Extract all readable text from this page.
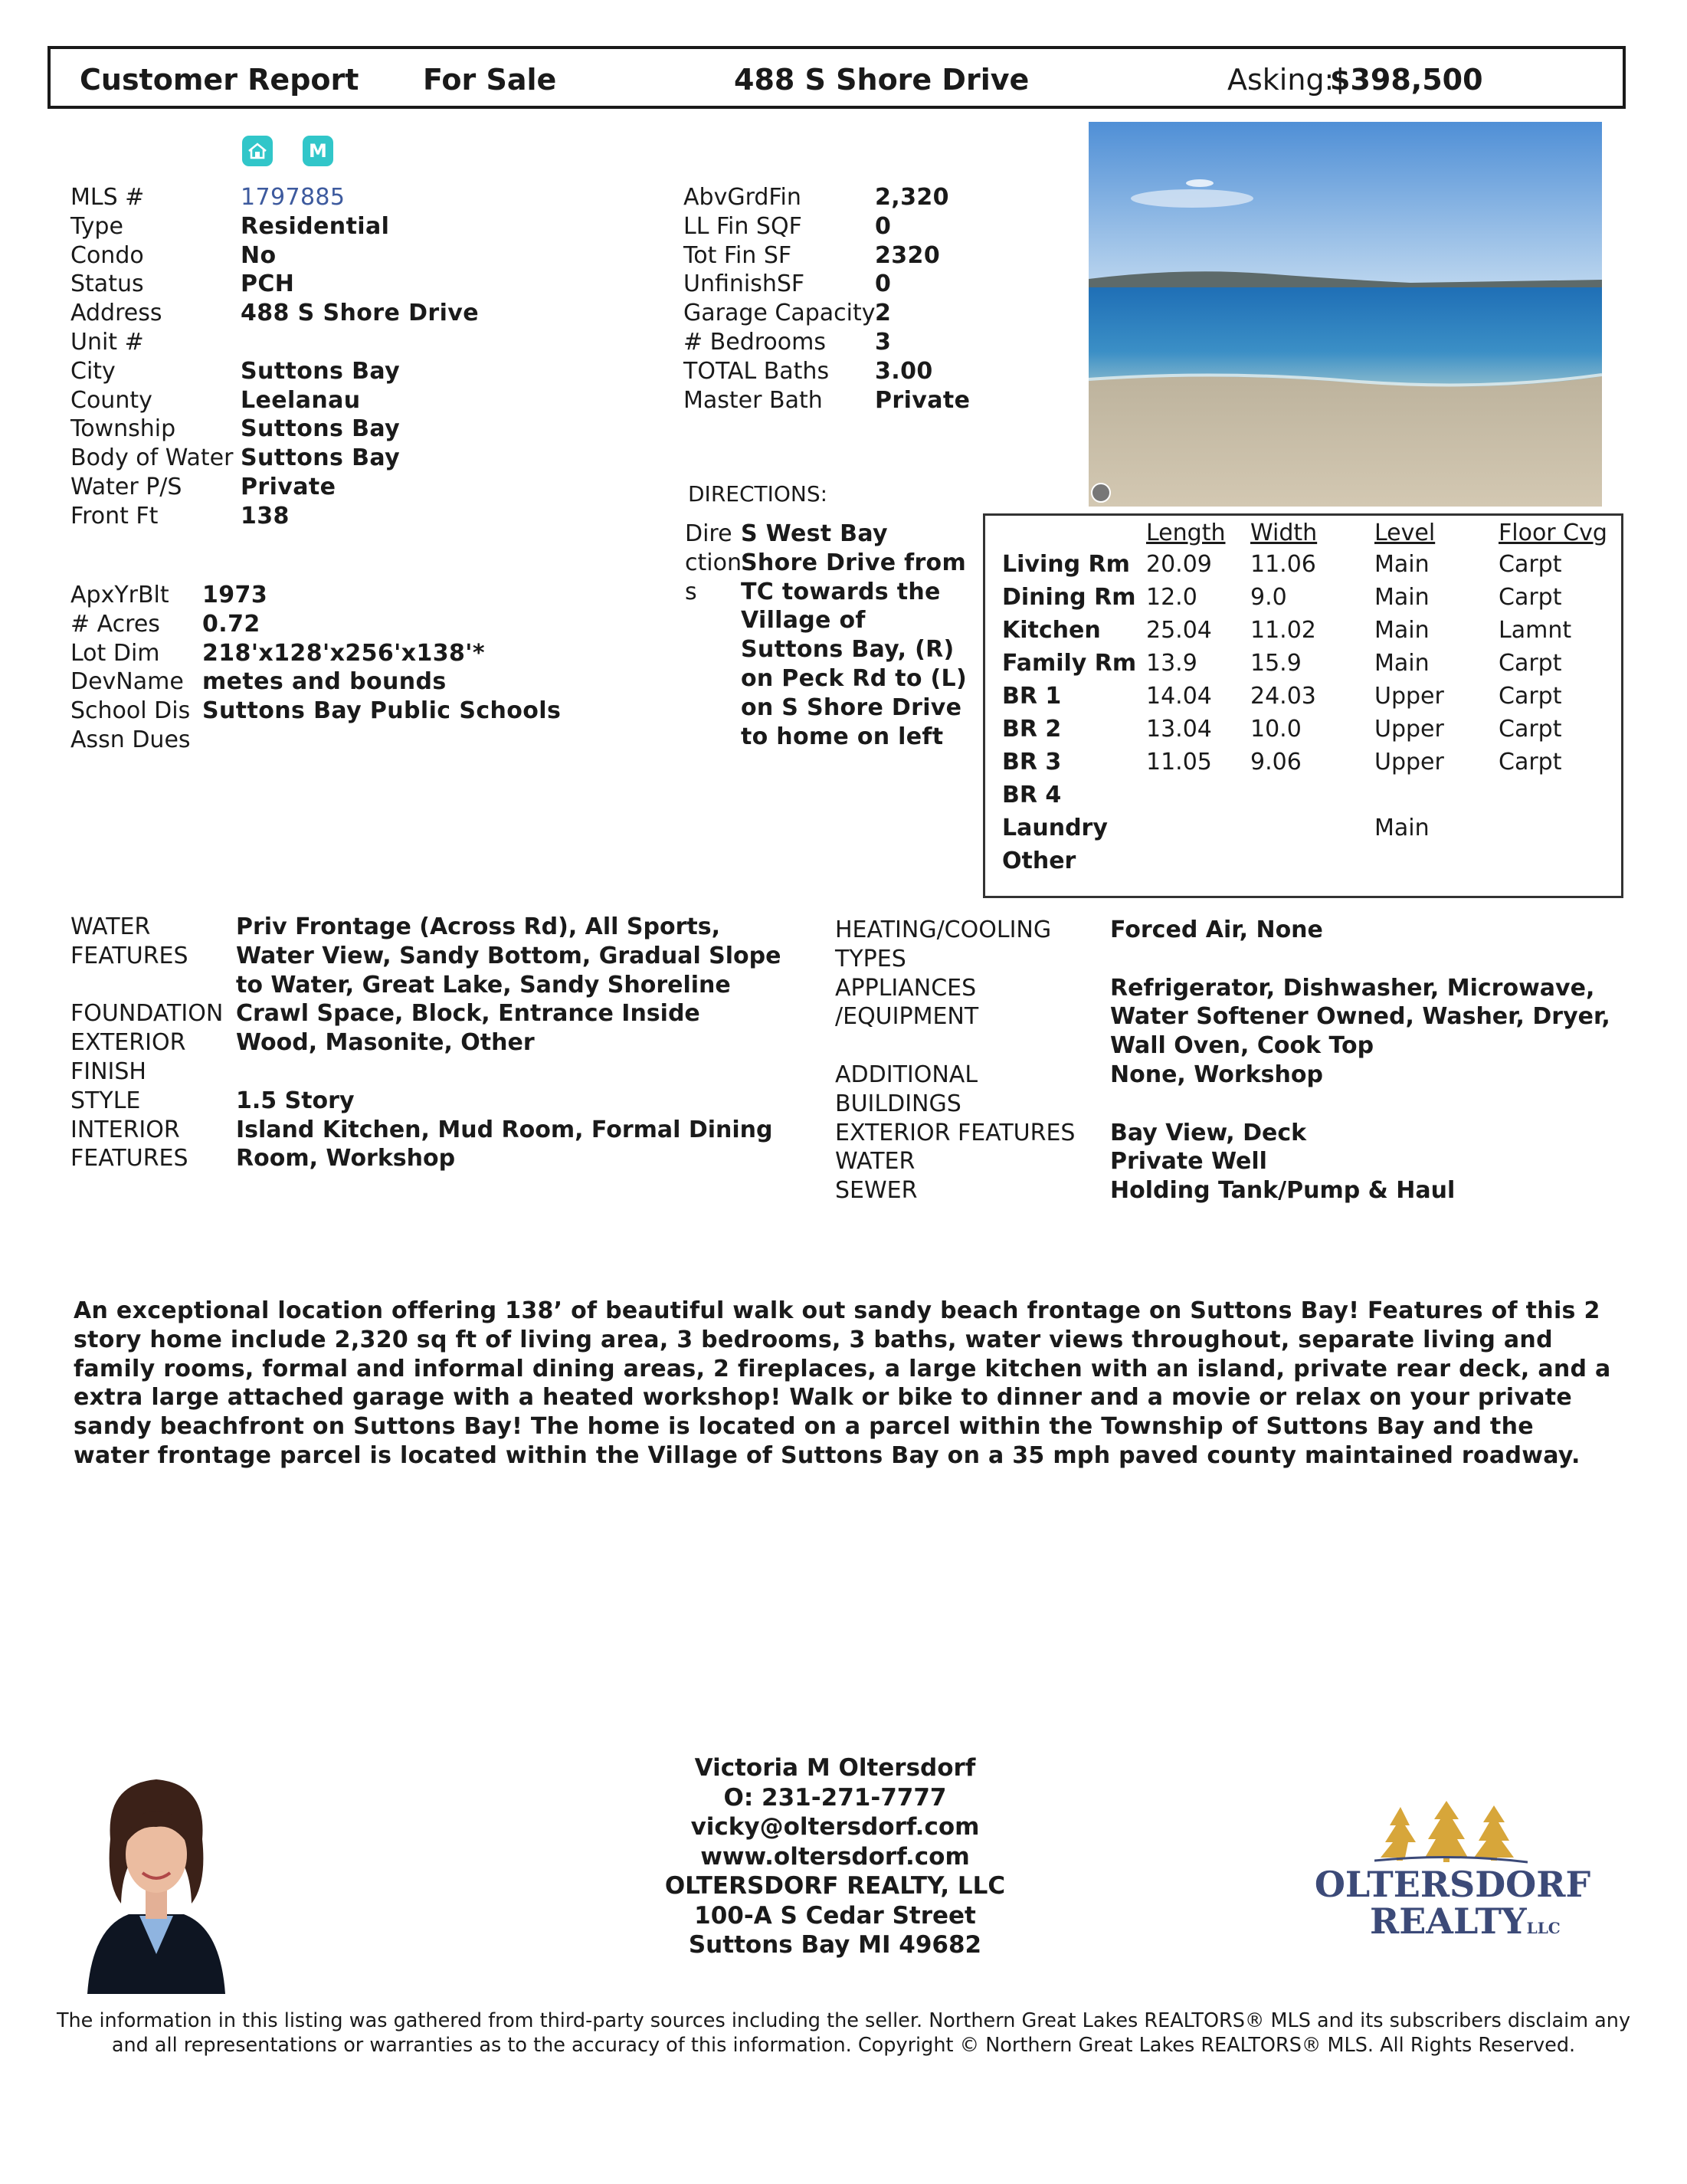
Customer Report For Sale	488 S Shore Drive	Asking:
$398,500
M
MLS #	1797885
Type	Residential
Condo	No
Status	PCH
Address	488 S Shore Drive
Unit #
City	Suttons Bay
County	Leelanau
Township	Suttons Bay
Body of Water Suttons Bay
Water P/S	Private
Front Ft	138
ApxYrBlt	1973
# Acres	0.72
Lot Dim	218'x128'x256'x138'*
DevName metes and bounds
School Dis Suttons Bay Public Schools
Assn Dues
AbvGrdFin	2,320
LL Fin SQF	0
Tot Fin SF	2320
UnfinishSF	0
Garage Capacity 2
# Bedrooms	3
TOTAL Baths	3.00
Master Bath	Private
DIRECTIONS:
Dire
ction
s
S West Bay Shore Drive from TC towards the Village of Suttons Bay, (R) on Peck Rd to (L) on S Shore Drive to home on left
	Length	Width	Level	Floor Cvg
Living Rm	20.09	11.06	Main	Carpt
Dining Rm	12.0	9.0	Main	Carpt
Kitchen	25.04	11.02	Main	Lamnt
Family Rm	13.9	15.9	Main	Carpt
BR 1	14.04	24.03	Upper	Carpt
BR 2	13.04	10.0	Upper	Carpt
BR 3	11.05	9.06	Upper	Carpt
BR 4				
Laundry			Main	
Other				
WATER
FEATURES
Priv Frontage (Across Rd), All Sports, Water View, Sandy Bottom, Gradual Slope to Water, Great Lake, Sandy Shoreline
FOUNDATION Crawl Space, Block, Entrance Inside
EXTERIOR
FINISH
Wood, Masonite, Other
STYLE	1.5 Story
INTERIOR
FEATURES
Island Kitchen, Mud Room, Formal Dining Room, Workshop
HEATING/COOLING
TYPES
Forced Air, None
APPLIANCES
/EQUIPMENT
Refrigerator, Dishwasher, Microwave, Water Softener Owned, Washer, Dryer, Wall Oven, Cook Top
ADDITIONAL
BUILDINGS
None, Workshop
EXTERIOR FEATURES	Bay View, Deck
WATER	Private Well
SEWER	Holding Tank/Pump & Haul
An exceptional location offering 138’ of beautiful walk out sandy beach frontage on Suttons Bay! Features of this 2 story home include 2,320 sq ft of living area, 3 bedrooms, 3 baths, water views throughout, separate living and family rooms, formal and informal dining areas, 2 fireplaces, a large kitchen with an island, private rear deck, and a extra large attached garage with a heated workshop! Walk or bike to dinner and a movie or relax on your private sandy beachfront on Suttons Bay! The home is located on a parcel within the Township of Suttons Bay and the water frontage parcel is located within the Village of Suttons Bay on a 35 mph paved county maintained roadway.
Victoria M Oltersdorf
O: 231-271-7777
vicky@oltersdorf.com
www.oltersdorf.com
OLTERSDORF REALTY, LLC
100-A S Cedar Street
Suttons Bay MI 49682
OLTERSDORF
REALTYLLC
The information in this listing was gathered from third-party sources including the seller. Northern Great Lakes REALTORS® MLS and its subscribers disclaim any and all representations or warranties as to the accuracy of this information. Copyright © Northern Great Lakes REALTORS® MLS. All Rights Reserved.
